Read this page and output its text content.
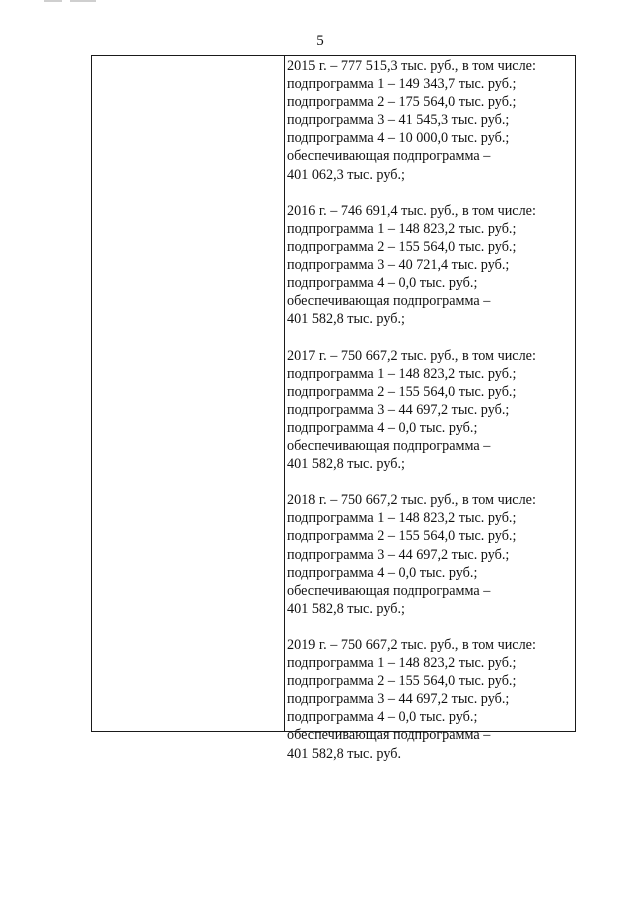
5
2015 г. – 777 515,3 тыс. руб., в том числе:
подпрограмма 1 – 149 343,7 тыс. руб.;
подпрограмма 2 – 175 564,0 тыс. руб.;
подпрограмма 3 – 41 545,3 тыс. руб.;
подпрограмма 4 – 10 000,0 тыс. руб.;
обеспечивающая подпрограмма –
401 062,3 тыс. руб.;
2016 г. – 746 691,4 тыс. руб., в том числе:
подпрограмма 1 – 148 823,2 тыс. руб.;
подпрограмма 2 – 155 564,0 тыс. руб.;
подпрограмма 3 – 40 721,4 тыс. руб.;
подпрограмма 4 – 0,0 тыс. руб.;
обеспечивающая подпрограмма –
401 582,8 тыс. руб.;
2017 г. – 750 667,2 тыс. руб., в том числе:
подпрограмма 1 – 148 823,2 тыс. руб.;
подпрограмма 2 – 155 564,0 тыс. руб.;
подпрограмма 3 – 44 697,2 тыс. руб.;
подпрограмма 4 – 0,0 тыс. руб.;
обеспечивающая подпрограмма –
401 582,8 тыс. руб.;
2018 г. – 750 667,2 тыс. руб., в том числе:
подпрограмма 1 – 148 823,2 тыс. руб.;
подпрограмма 2 – 155 564,0 тыс. руб.;
подпрограмма 3 – 44 697,2 тыс. руб.;
подпрограмма 4 – 0,0 тыс. руб.;
обеспечивающая подпрограмма –
401 582,8 тыс. руб.;
2019 г. – 750 667,2 тыс. руб., в том числе:
подпрограмма 1 – 148 823,2 тыс. руб.;
подпрограмма 2 – 155 564,0 тыс. руб.;
подпрограмма 3 – 44 697,2 тыс. руб.;
подпрограмма 4 – 0,0 тыс. руб.;
обеспечивающая подпрограмма –
401 582,8 тыс. руб.
